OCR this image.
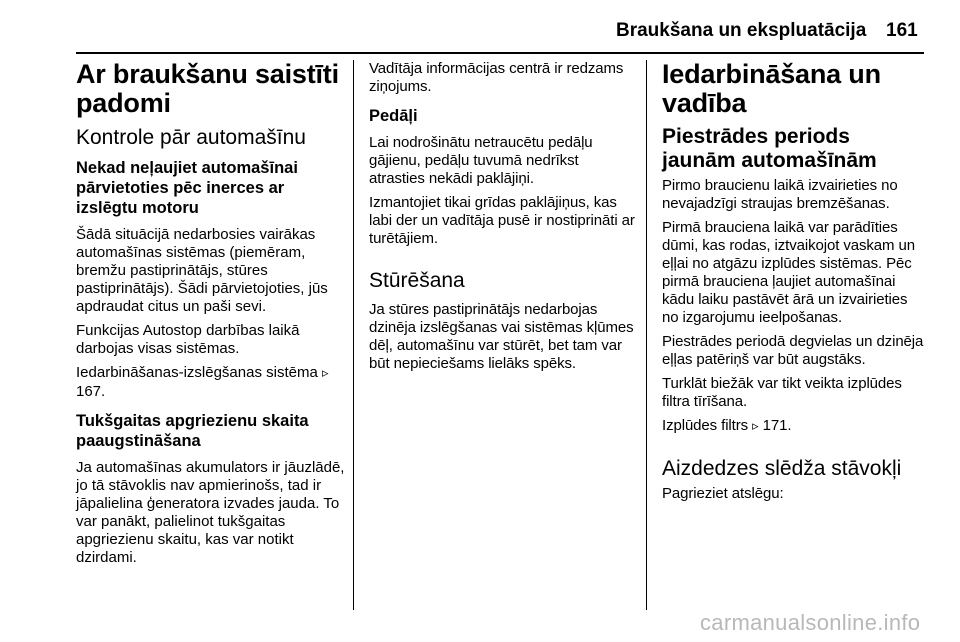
Braukšana un ekspluatācija 161
Ar braukšanu saistīti padomi
Kontrole pār automašīnu
Nekad neļaujiet automašīnai pārvietoties pēc inerces ar izslēgtu motoru
Šādā situācijā nedarbosies vairākas automašīnas sistēmas (piemēram, bremžu pastiprinātājs, stūres pastiprinātājs). Šādi pārvietojoties, jūs apdraudat citus un paši sevi.
Funkcijas Autostop darbības laikā darbojas visas sistēmas.
Iedarbināšanas-izslēgšanas sistēma ▹ 167.
Tukšgaitas apgriezienu skaita paaugstināšana
Ja automašīnas akumulators ir jāuzlādē, jo tā stāvoklis nav apmierinošs, tad ir jāpalielina ģeneratora izvades jauda. To var panākt, palielinot tukšgaitas apgriezienu skaitu, kas var notikt dzirdami.
Vadītāja informācijas centrā ir redzams ziņojums.
Pedāļi
Lai nodrošinātu netraucētu pedāļu gājienu, pedāļu tuvumā nedrīkst atrasties nekādi paklājiņi.
Izmantojiet tikai grīdas paklājiņus, kas labi der un vadītāja pusē ir nostiprināti ar turētājiem.
Stūrēšana
Ja stūres pastiprinātājs nedarbojas dzinēja izslēgšanas vai sistēmas kļūmes dēļ, automašīnu var stūrēt, bet tam var būt nepieciešams lielāks spēks.
Iedarbināšana un vadība
Piestrādes periods jaunām automašīnām
Pirmo braucienu laikā izvairieties no nevajadzīgi straujas bremzēšanas.
Pirmā brauciena laikā var parādīties dūmi, kas rodas, iztvaikojot vaskam un eļļai no atgāzu izplūdes sistēmas. Pēc pirmā brauciena ļaujiet automašīnai kādu laiku pastāvēt ārā un izvairieties no izgarojumu ieelpošanas.
Piestrādes periodā degvielas un dzinēja eļļas patēriņš var būt augstāks.
Turklāt biežāk var tikt veikta izplūdes filtra tīrīšana.
Izplūdes filtrs ▹ 171.
Aizdedzes slēdža stāvokļi
Pagrieziet atslēgu:
carmanualsonline.info
